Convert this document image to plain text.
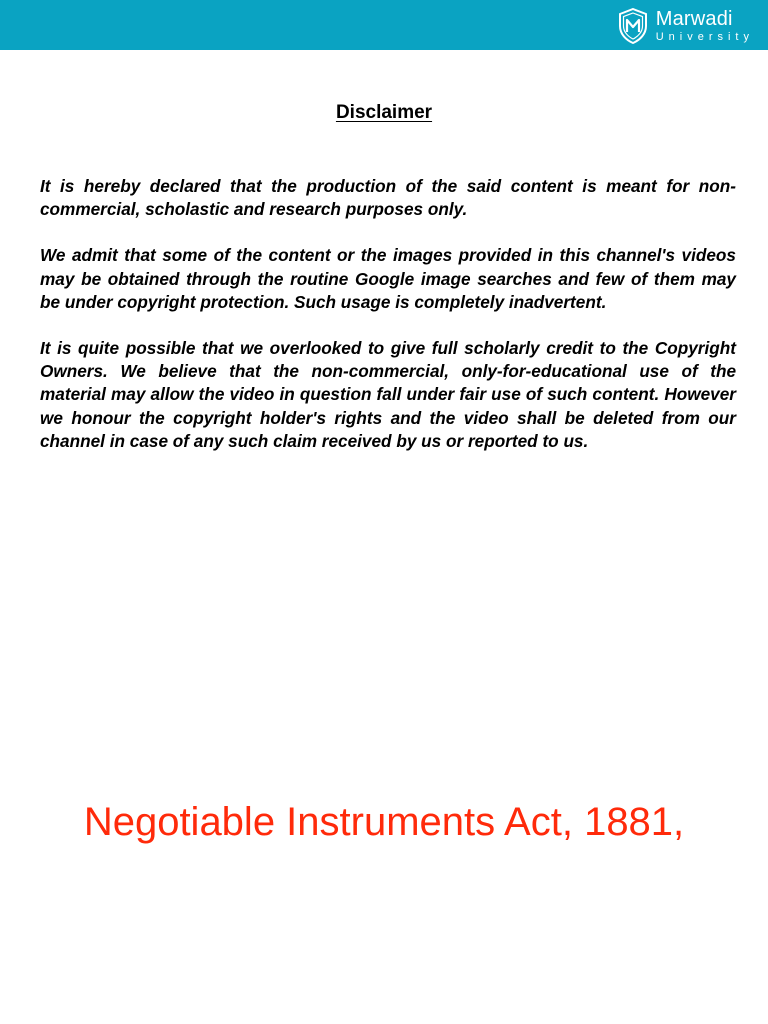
Marwadi
University
Disclaimer

It is hereby declared that the production of the said content is meant for non-commercial, scholastic and research purposes only.

We admit that some of the content or the images provided in this channel's videos may be obtained through the routine Google image searches and few of them may be under copyright protection. Such usage is completely inadvertent.

It is quite possible that we overlooked to give full scholarly credit to the Copyright Owners. We believe that the non-commercial, only-for-educational use of the material may allow the video in question fall under fair use of such content. However we honour the copyright holder's rights and the video shall be deleted from our channel in case of any such claim received by us or reported to us.

Negotiable Instruments Act, 1881,
